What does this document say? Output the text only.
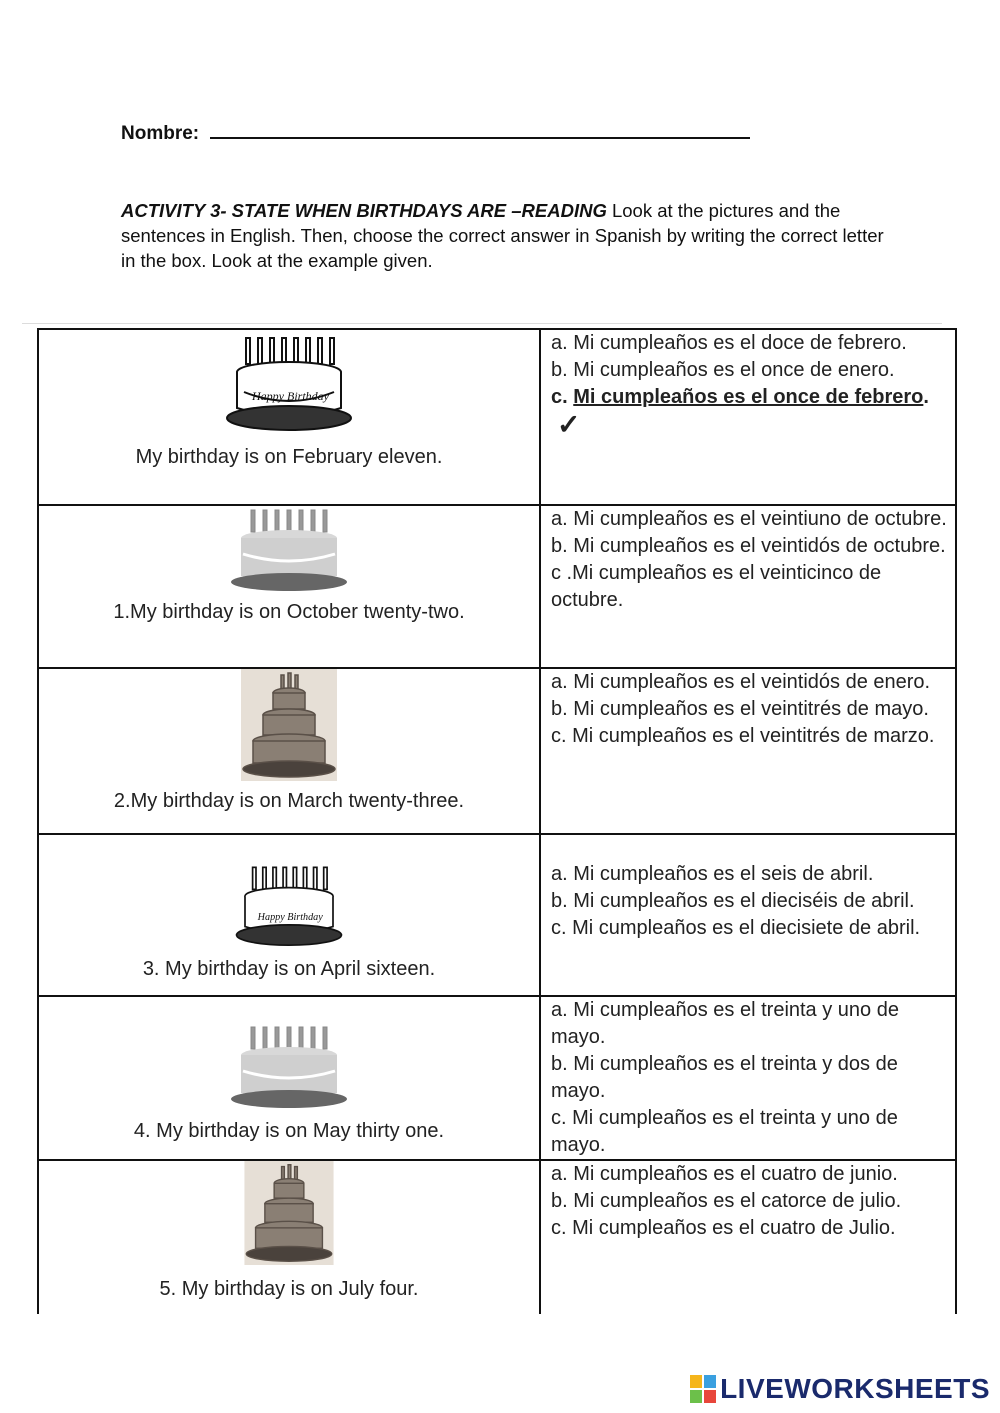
Nombre:
ACTIVITY 3- STATE WHEN BIRTHDAYS ARE –READING Look at the pictures and the sentences in English. Then, choose the correct answer in Spanish by writing the correct letter in the box. Look at the example given.
Happy Birthday
My birthday is on February eleven.	a. Mi cumpleaños es el doce de febrero.
b. Mi cumpleaños es el once de enero.
c. Mi cumpleaños es el once de febrero. ✓

1.My birthday is on October twenty-two.	a. Mi cumpleaños es el veintiuno de octubre.
b. Mi cumpleaños es el veintidós de octubre.
c .Mi cumpleaños es el veinticinco de octubre.

2.My birthday is on March twenty-three.	a. Mi cumpleaños es el veintidós de enero.
b. Mi cumpleaños es el veintitrés de mayo.
c. Mi cumpleaños es el veintitrés de marzo.

Happy Birthday
3. My birthday is on April sixteen.	a. Mi cumpleaños es el seis de abril.
b. Mi cumpleaños es el dieciséis de abril.
c. Mi cumpleaños es el diecisiete de abril.

4. My birthday is on May thirty one.	a. Mi cumpleaños es el treinta y uno de mayo.
b. Mi cumpleaños es el treinta y dos de mayo.
c. Mi cumpleaños es el treinta y uno de mayo.

5. My birthday is on July four.	a. Mi cumpleaños es el cuatro de junio.
b. Mi cumpleaños es el catorce de julio.
c. Mi cumpleaños es el cuatro de Julio.
LIVEWORKSHEETS
